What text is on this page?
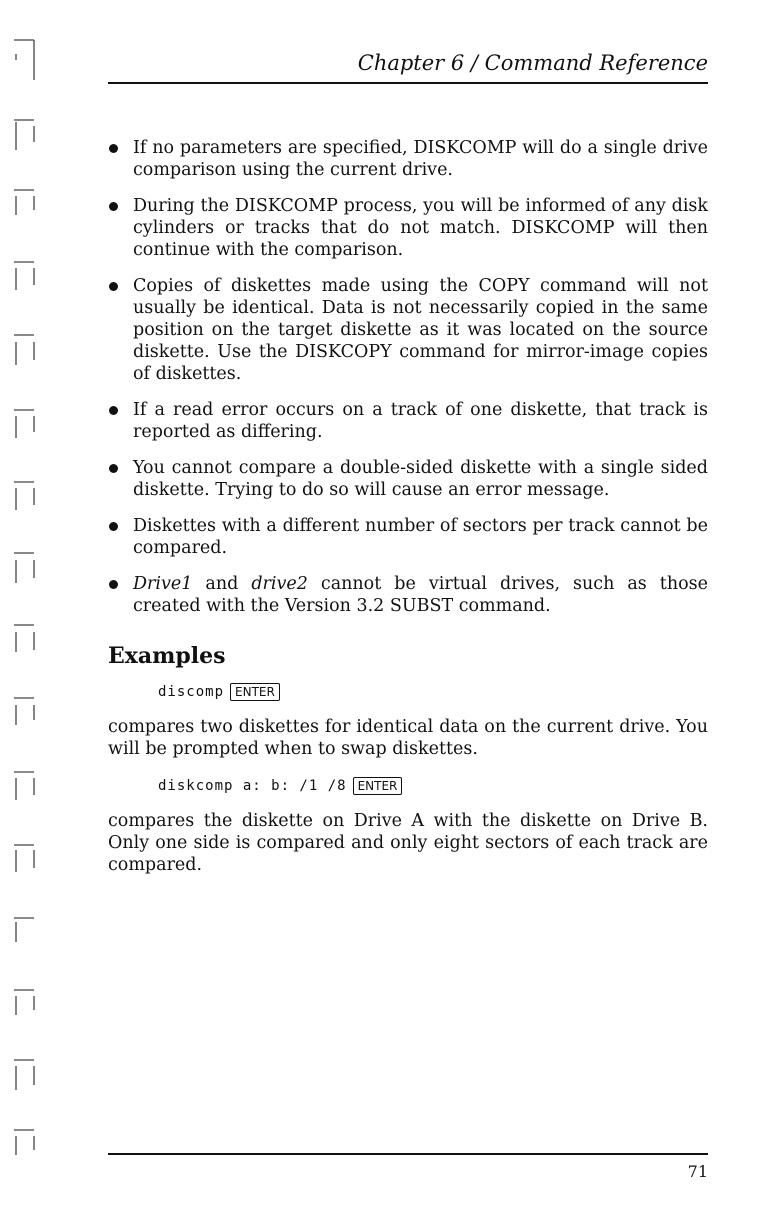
Chapter 6 / Command Reference
If no parameters are specified, DISKCOMP will do a single drive comparison using the current drive.
During the DISKCOMP process, you will be informed of any disk cylinders or tracks that do not match. DISKCOMP will then continue with the comparison.
Copies of diskettes made using the COPY command will not usually be identical. Data is not necessarily copied in the same position on the target diskette as it was located on the source diskette. Use the DISKCOPY command for mirror-image copies of diskettes.
If a read error occurs on a track of one diskette, that track is reported as differing.
You cannot compare a double-sided diskette with a single sided diskette. Trying to do so will cause an error message.
Diskettes with a different number of sectors per track cannot be compared.
Drive1 and drive2 cannot be virtual drives, such as those created with the Version 3.2 SUBST command.
Examples
discomp ENTER
compares two diskettes for identical data on the current drive. You will be prompted when to swap diskettes.
diskcomp a: b: /1 /8 ENTER
compares the diskette on Drive A with the diskette on Drive B. Only one side is compared and only eight sectors of each track are compared.
71
